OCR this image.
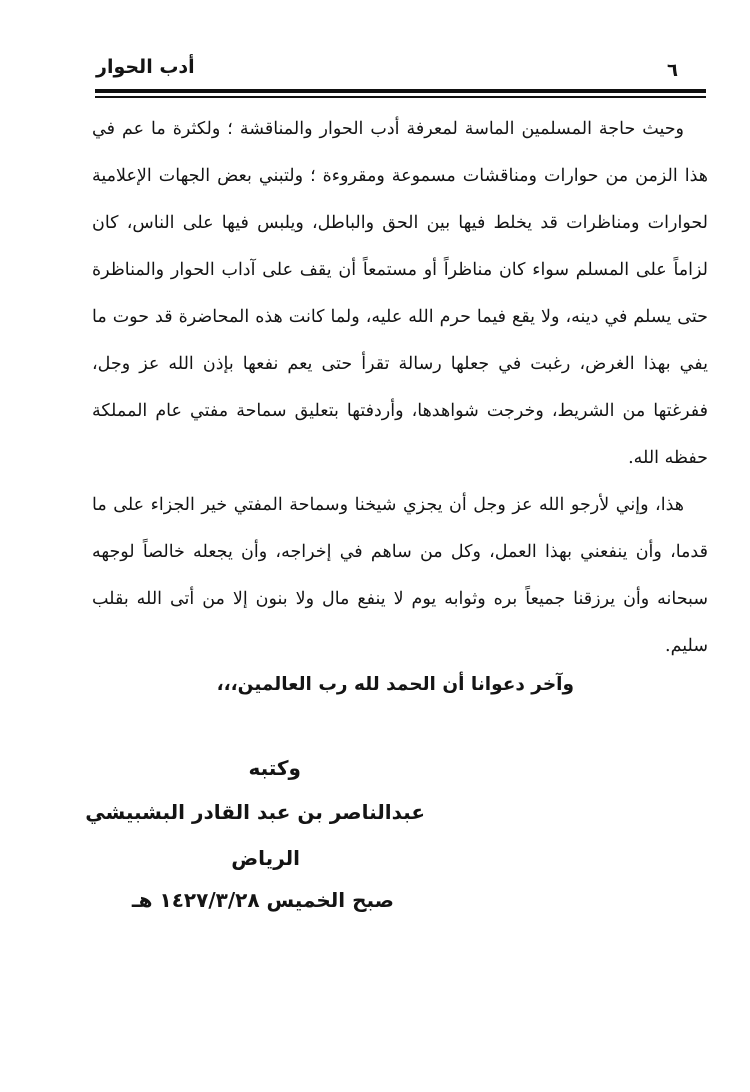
أدب الحوار	٦

وحيث حاجة المسلمين الماسة لمعرفة أدب الحوار والمناقشة ؛ ولكثرة ما عم في هذا الزمن من حوارات ومناقشات مسموعة ومقروءة ؛ ولتبني بعض الجهات الإعلامية لحوارات ومناظرات قد يخلط فيها بين الحق والباطل، ويلبس فيها على الناس، كان لزاماً على المسلم سواء كان مناظراً أو مستمعاً أن يقف على آداب الحوار والمناظرة حتى يسلم في دينه، ولا يقع فيما حرم الله عليه، ولما كانت هذه المحاضرة قد حوت ما يفي بهذا الغرض، رغبت في جعلها رسالة تقرأ حتى يعم نفعها بإذن الله عز وجل، ففرغتها من الشريط، وخرجت شواهدها، وأردفتها بتعليق سماحة مفتي عام المملكة حفظه الله.

هذا، وإني لأرجو الله عز وجل أن يجزي شيخنا وسماحة المفتي خير الجزاء على ما قدما، وأن ينفعني بهذا العمل، وكل من ساهم في إخراجه، وأن يجعله خالصاً لوجهه سبحانه وأن يرزقنا جميعاً بره وثوابه يوم لا ينفع مال ولا بنون إلا من أتى الله بقلب سليم.

وآخر دعوانا أن الحمد لله رب العالمين،،،
وكتبه
عبدالناصر بن عبد القادر البشبيشي
الرياض
صبح الخميس ١٤٢٧/٣/٢٨ هـ
